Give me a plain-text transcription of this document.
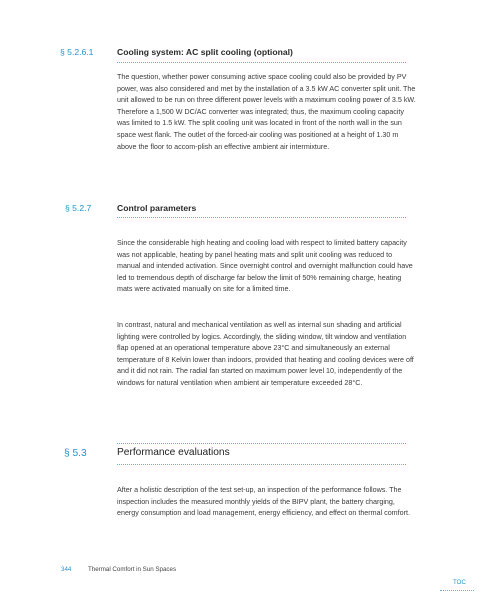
§ 5.2.6.1	Cooling system: AC split cooling (optional)

The question, whether power consuming active space cooling could also be provided by PV power, was also considered and met by the installation of a 3.5 kW AC converter split unit. The unit allowed to be run on three different power levels with a maximum cooling power of 3.5 kW. Therefore a 1,500 W DC/AC converter was integrated; thus, the maximum cooling capacity was limited to 1.5 kW. The split cooling unit was located in front of the north wall in the sun space west flank. The outlet of the forced-air cooling was positioned at a height of 1.30 m above the floor to accom-plish an effective ambient air intermixture.

§ 5.2.7	Control parameters

Since the considerable high heating and cooling load with respect to limited battery capacity was not applicable, heating by panel heating mats and split unit cooling was reduced to manual and intended activation. Since overnight control and overnight malfunction could have led to tremendous depth of discharge far below the limit of 50% remaining charge, heating mats were activated manually on site for a limited time.

In contrast, natural and mechanical ventilation as well as internal sun shading and artificial lighting were controlled by logics. Accordingly, the sliding window, tilt window and ventilation flap opened at an operational temperature above 23°C and simultaneously an external temperature of 8 Kelvin lower than indoors, provided that heating and cooling devices were off and it did not rain. The radial fan started on maximum power level 10, independently of the windows for natural ventilation when ambient air temperature exceeded 28°C.

§ 5.3	Performance evaluations

After a holistic description of the test set-up, an inspection of the performance follows. The inspection includes the measured monthly yields of the BIPV plant, the battery charging, energy consumption and load management, energy efficiency, and effect on thermal comfort.

344	Thermal Comfort in Sun Spaces
TOC
